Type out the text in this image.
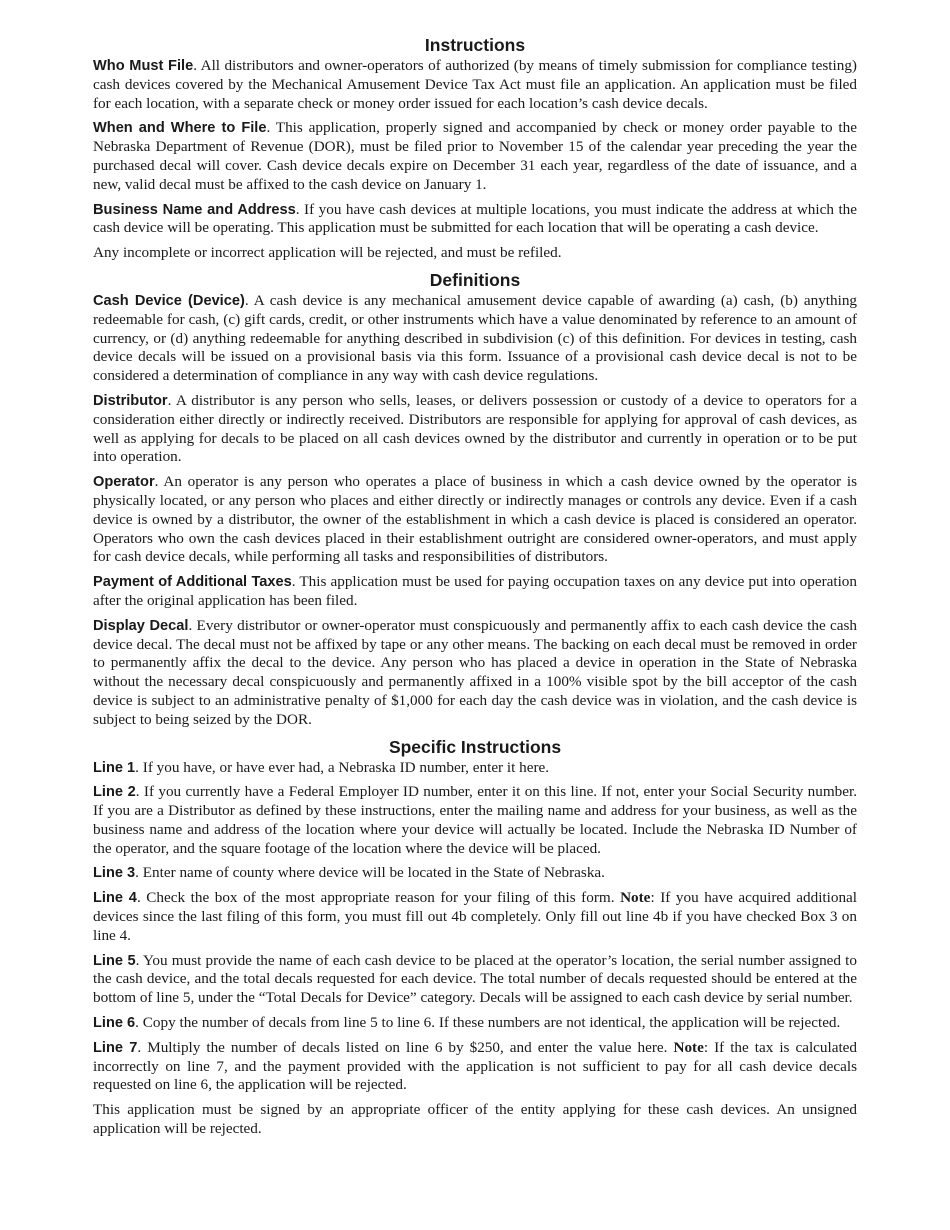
Instructions

Who Must File. All distributors and owner-operators of authorized (by means of timely submission for compliance testing) cash devices covered by the Mechanical Amusement Device Tax Act must file an application. An application must be filed for each location, with a separate check or money order issued for each location’s cash device decals.

When and Where to File. This application, properly signed and accompanied by check or money order payable to the Nebraska Department of Revenue (DOR), must be filed prior to November 15 of the calendar year preceding the year the purchased decal will cover. Cash device decals expire on December 31 each year, regardless of the date of issuance, and a new, valid decal must be affixed to the cash device on January 1.

Business Name and Address. If you have cash devices at multiple locations, you must indicate the address at which the cash device will be operating. This application must be submitted for each location that will be operating a cash device.

Any incomplete or incorrect application will be rejected, and must be refiled.

Definitions

Cash Device (Device). A cash device is any mechanical amusement device capable of awarding (a) cash, (b) anything redeemable for cash, (c) gift cards, credit, or other instruments which have a value denominated by reference to an amount of currency, or (d) anything redeemable for anything described in subdivision (c) of this definition. For devices in testing, cash device decals will be issued on a provisional basis via this form. Issuance of a provisional cash device decal is not to be considered a determination of compliance in any way with cash device regulations.

Distributor. A distributor is any person who sells, leases, or delivers possession or custody of a device to operators for a consideration either directly or indirectly received. Distributors are responsible for applying for approval of cash devices, as well as applying for decals to be placed on all cash devices owned by the distributor and currently in operation or to be put into operation.

Operator. An operator is any person who operates a place of business in which a cash device owned by the operator is physically located, or any person who places and either directly or indirectly manages or controls any device. Even if a cash device is owned by a distributor, the owner of the establishment in which a cash device is placed is considered an operator. Operators who own the cash devices placed in their establishment outright are considered owner-operators, and must apply for cash device decals, while performing all tasks and responsibilities of distributors.

Payment of Additional Taxes. This application must be used for paying occupation taxes on any device put into operation after the original application has been filed.

Display Decal. Every distributor or owner-operator must conspicuously and permanently affix to each cash device the cash device decal. The decal must not be affixed by tape or any other means. The backing on each decal must be removed in order to permanently affix the decal to the device. Any person who has placed a device in operation in the State of Nebraska without the necessary decal conspicuously and permanently affixed in a 100% visible spot by the bill acceptor of the cash device is subject to an administrative penalty of $1,000 for each day the cash device was in violation, and the cash device is subject to being seized by the DOR.

Specific Instructions

Line 1. If you have, or have ever had, a Nebraska ID number, enter it here.

Line 2. If you currently have a Federal Employer ID number, enter it on this line. If not, enter your Social Security number. If you are a Distributor as defined by these instructions, enter the mailing name and address for your business, as well as the business name and address of the location where your device will actually be located. Include the Nebraska ID Number of the operator, and the square footage of the location where the device will be placed.

Line 3. Enter name of county where device will be located in the State of Nebraska.

Line 4. Check the box of the most appropriate reason for your filing of this form. Note: If you have acquired additional devices since the last filing of this form, you must fill out 4b completely. Only fill out line 4b if you have checked Box 3 on line 4.

Line 5. You must provide the name of each cash device to be placed at the operator’s location, the serial number assigned to the cash device, and the total decals requested for each device. The total number of decals requested should be entered at the bottom of line 5, under the “Total Decals for Device” category. Decals will be assigned to each cash device by serial number.

Line 6. Copy the number of decals from line 5 to line 6. If these numbers are not identical, the application will be rejected.

Line 7. Multiply the number of decals listed on line 6 by $250, and enter the value here. Note: If the tax is calculated incorrectly on line 7, and the payment provided with the application is not sufficient to pay for all cash device decals requested on line 6, the application will be rejected.

This application must be signed by an appropriate officer of the entity applying for these cash devices. An unsigned application will be rejected.
